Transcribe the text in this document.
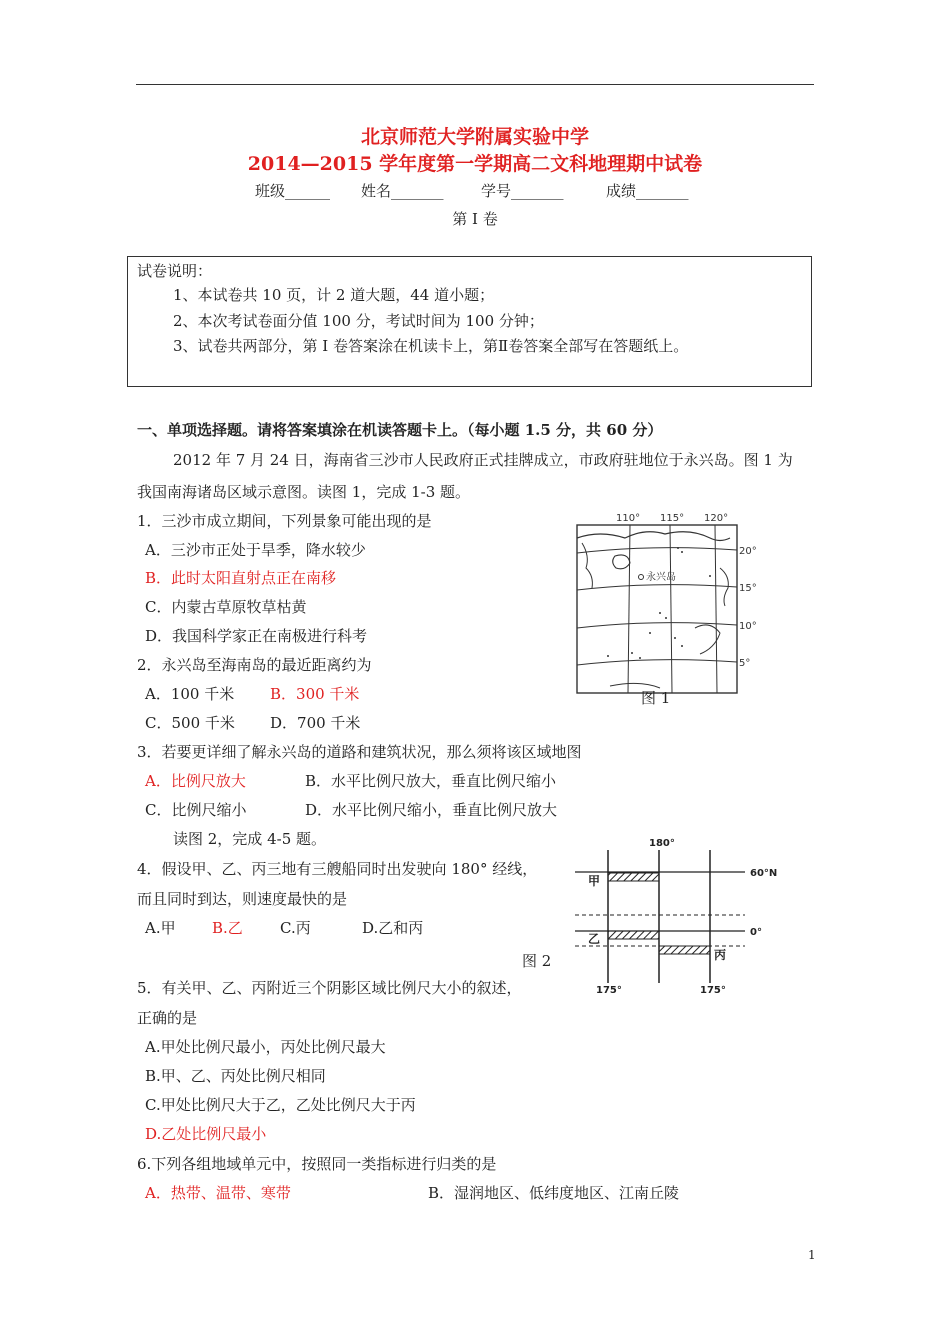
北京师范大学附属实验中学
2014—2015 学年度第一学期高二文科地理期中试卷
班级______ 姓名_______ 学号_______	成绩_______
第 I 卷
试卷说明：
1、本试卷共 10 页，计 2 道大题，44 道小题；
2、本次考试卷面分值 100 分，考试时间为 100 分钟；
3、试卷共两部分，第 I 卷答案涂在机读卡上，第Ⅱ卷答案全部写在答题纸上。
一、单项选择题。请将答案填涂在机读答题卡上。（每小题 1.5 分，共 60 分）
2012 年 7 月 24 日，海南省三沙市人民政府正式挂牌成立，市政府驻地位于永兴岛。图 1 为
我国南海诸岛区域示意图。读图 1，完成 1-3 题。
1．三沙市成立期间，下列景象可能出现的是
A．三沙市正处于旱季，降水较少
B．此时太阳直射点正在南移
C．内蒙古草原牧草枯黄
D．我国科学家正在南极进行科考
2．永兴岛至海南岛的最近距离约为
A．100 千米 B．300 千米
C．500 千米 D．700 千米
3．若要更详细了解永兴岛的道路和建筑状况，那么须将该区域地图
A．比例尺放大	B．水平比例尺放大，垂直比例尺缩小
C．比例尺缩小	D．水平比例尺缩小，垂直比例尺放大
读图 2，完成 4-5 题。
4．假设甲、乙、丙三地有三艘船同时出发驶向 180° 经线，
而且同时到达，则速度最快的是
A.甲 B.乙 C.丙	D.乙和丙
5．有关甲、乙、丙附近三个阴影区域比例尺大小的叙述，
正确的是
A.甲处比例尺最小，丙处比例尺最大
B.甲、乙、丙处比例尺相同
C.甲处比例尺大于乙，乙处比例尺大于丙
D.乙处比例尺最小
6.下列各组地域单元中，按照同一类指标进行归类的是
A．热带、温带、寒带	B．湿润地区、低纬度地区、江南丘陵
永兴岛
110° 115° 120°
20°
15°
10°
5°
图 1
180°
60°N
0°
175°	175°
甲
乙
丙
图 2
1
